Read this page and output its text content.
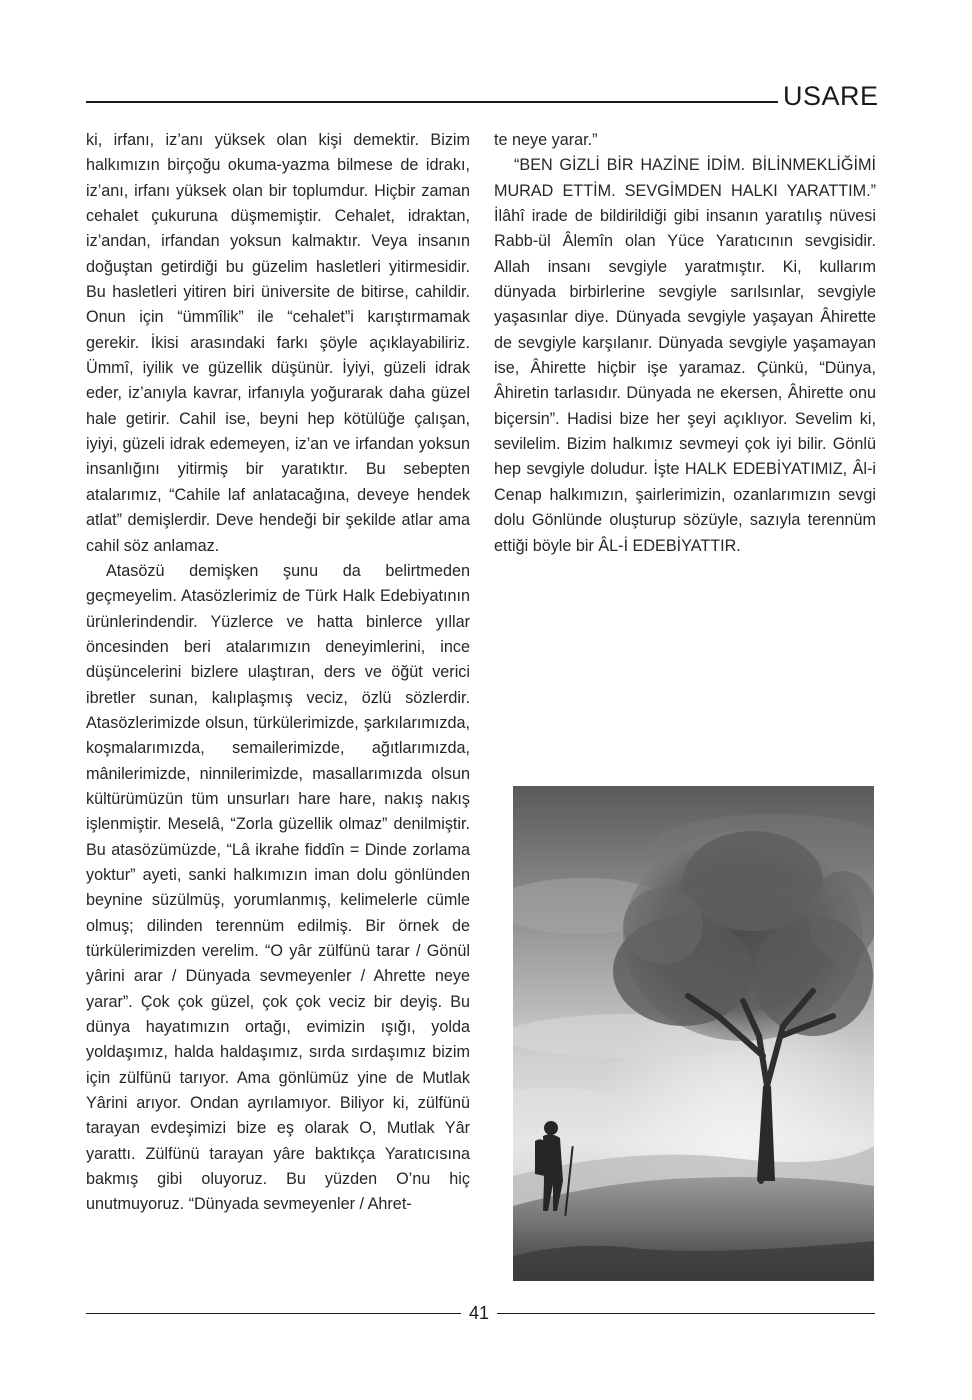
USARE

ki, irfanı, iz’anı yüksek olan kişi demektir. Bizim halkımızın birçoğu okuma-yazma bilmese de idrakı, iz’anı, irfanı yüksek olan bir toplumdur. Hiçbir zaman cehalet çukuruna düşmemiştir. Cehalet, idraktan, iz’andan, irfandan yoksun kalmaktır. Veya insanın doğuştan getirdiği bu güzelim hasletleri yitirmesidir. Bu hasletleri yitiren biri üniversite de bitirse, cahildir. Onun için “ümmîlik” ile “cehalet”i karıştırmamak gerekir. İkisi arasındaki farkı şöyle açıklayabiliriz. Ümmî, iyilik ve güzellik düşünür. İyiyi, güzeli idrak eder, iz’anıyla kavrar, irfanıyla yoğurarak daha güzel hale getirir. Cahil ise, beyni hep kötülüğe çalışan, iyiyi, güzeli idrak edemeyen, iz’an ve irfandan yoksun insanlığını yitirmiş bir yaratıktır. Bu sebepten atalarımız, “Cahile laf anlatacağına, deveye hendek atlat” demişlerdir. Deve hendeği bir şekilde atlar ama cahil söz anlamaz.

Atasözü demişken şunu da belirtmeden geçmeyelim. Atasözlerimiz de Türk Halk Edebiyatının ürünlerindendir. Yüzlerce ve hatta binlerce yıllar öncesinden beri atalarımızın deneyimlerini, ince düşüncelerini bizlere ulaştıran, ders ve öğüt verici ibretler sunan, kalıplaşmış veciz, özlü sözlerdir. Atasözlerimizde olsun, türkülerimizde, şarkılarımızda, koşmalarımızda, semailerimizde, ağıtlarımızda, mânilerimizde, ninnilerimizde, masallarımızda olsun kültürümüzün tüm unsurları hare hare, nakış nakış işlenmiştir. Meselâ, “Zorla güzellik olmaz” denilmiştir. Bu atasözümüzde, “Lâ ikrahe fiddîn = Dinde zorlama yoktur” ayeti, sanki halkımızın iman dolu gönlünden beynine süzülmüş, yorumlanmış, kelimelerle cümle olmuş; dilinden terennüm edilmiş. Bir örnek de türkülerimizden verelim. “O yâr zülfünü tarar / Gönül yârini arar / Dünyada sevmeyenler / Ahrette neye yarar”. Çok çok güzel, çok çok veciz bir deyiş. Bu dünya hayatımızın ortağı, evimizin ışığı, yolda yoldaşımız, halda haldaşımız, sırda sırdaşımız bizim için zülfünü tarıyor. Ama gönlümüz yine de Mutlak Yârini arıyor. Ondan ayrılamıyor. Biliyor ki, zülfünü tarayan evdeşimizi bize eş olarak O, Mutlak Yâr yarattı. Zülfünü tarayan yâre baktıkça Yaratıcısına bakmış gibi oluyoruz. Bu yüzden O’nu hiç unutmuyoruz. “Dünyada sevmeyenler / Ahret-

te neye yarar.”

“BEN GİZLİ BİR HAZİNE İDİM. BİLİNMEKLİĞİMİ MURAD ETTİM. SEVGİMDEN HALKI YARATTIM.” İlâhî irade de bildirildiği gibi insanın yaratılış nüvesi Rabb-ül Âlemîn olan Yüce Yaratıcının sevgisidir. Allah insanı sevgiyle yaratmıştır. Ki, kullarım dünyada birbirlerine sevgiyle sarılsınlar, sevgiyle yaşasınlar diye. Dünyada sevgiyle yaşayan Âhirette de sevgiyle karşılanır. Dünyada sevgiyle yaşamayan ise, Âhirette hiçbir işe yaramaz. Çünkü, “Dünya, Âhiretin tarlasıdır. Dünyada ne ekersen, Âhirette onu biçersin”. Hadisi bize her şeyi açıklıyor. Sevelim ki, sevilelim. Bizim halkımız sevmeyi çok iyi bilir. Gönlü hep sevgiyle doludur. İşte HALK EDEBİYATIMIZ, Âl-i Cenap halkımızın, şairlerimizin, ozanlarımızın sevgi dolu Gönlünde oluşturup sözüyle, sazıyla terennüm ettiği böyle bir ÂL-İ EDEBİYATTIR.

41
